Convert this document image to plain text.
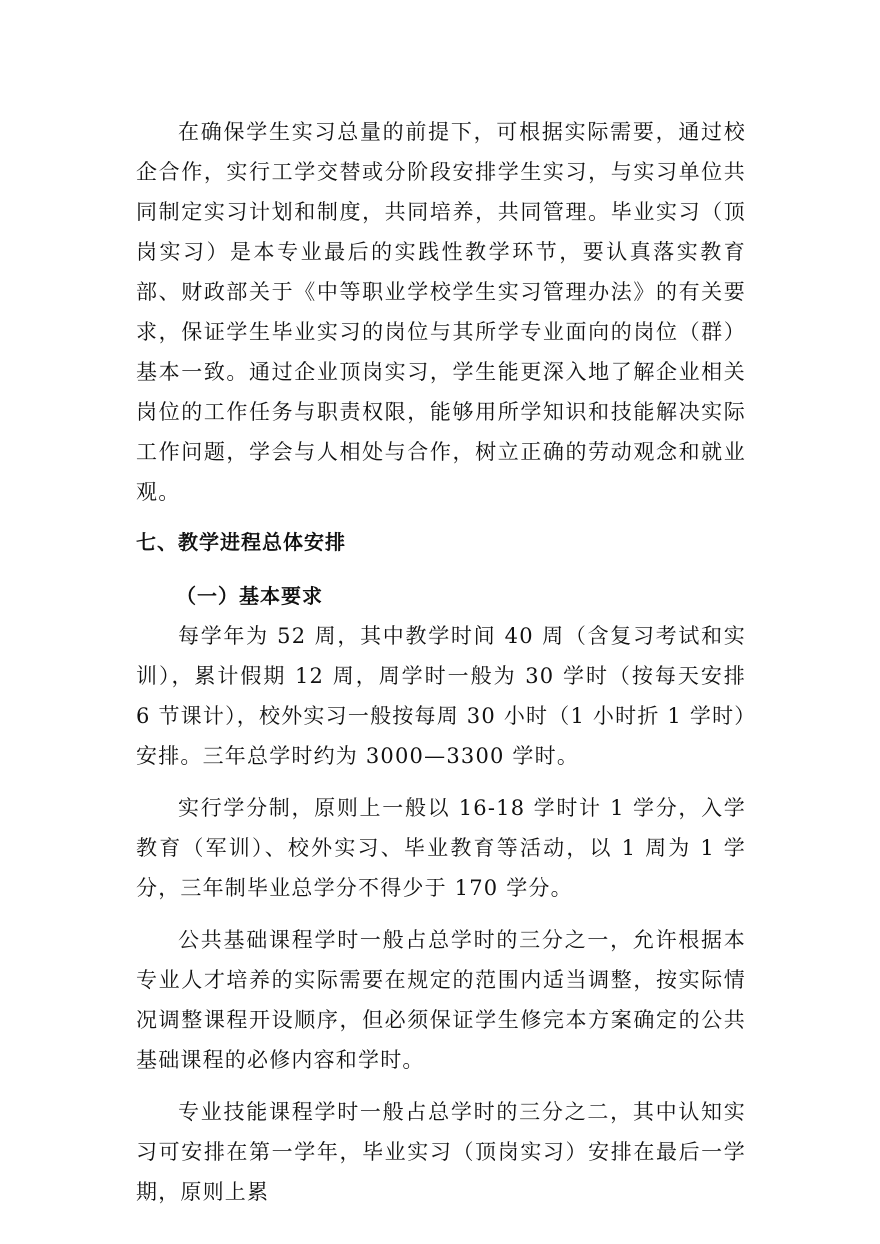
在确保学生实习总量的前提下，可根据实际需要，通过校企合作，实行工学交替或分阶段安排学生实习，与实习单位共同制定实习计划和制度，共同培养，共同管理。毕业实习（顶岗实习）是本专业最后的实践性教学环节，要认真落实教育部、财政部关于《中等职业学校学生实习管理办法》的有关要求，保证学生毕业实习的岗位与其所学专业面向的岗位（群）基本一致。通过企业顶岗实习，学生能更深入地了解企业相关岗位的工作任务与职责权限，能够用所学知识和技能解决实际工作问题，学会与人相处与合作，树立正确的劳动观念和就业观。

七、教学进程总体安排
（一）基本要求

每学年为 52 周，其中教学时间 40 周（含复习考试和实训），累计假期 12 周，周学时一般为 30 学时（按每天安排 6 节课计），校外实习一般按每周 30 小时（1 小时折 1 学时）安排。三年总学时约为 3000—3300 学时。

实行学分制，原则上一般以 16-18 学时计 1 学分，入学教育（军训）、校外实习、毕业教育等活动，以 1 周为 1 学分，三年制毕业总学分不得少于 170 学分。

公共基础课程学时一般占总学时的三分之一，允许根据本专业人才培养的实际需要在规定的范围内适当调整，按实际情况调整课程开设顺序，但必须保证学生修完本方案确定的公共基础课程的必修内容和学时。

专业技能课程学时一般占总学时的三分之二，其中认知实习可安排在第一学年，毕业实习（顶岗实习）安排在最后一学期，原则上累
